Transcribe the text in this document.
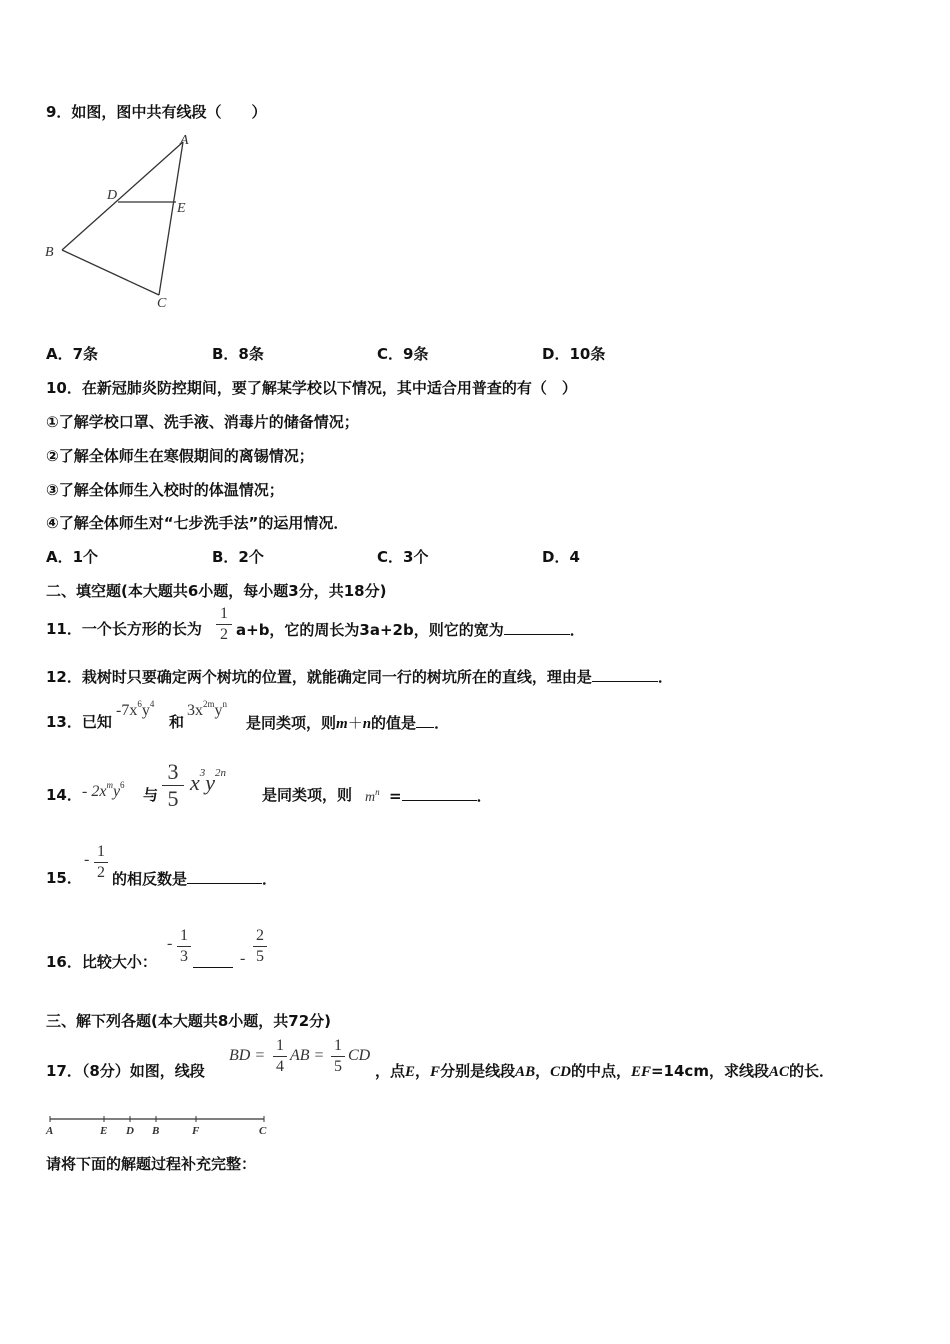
9．如图，图中共有线段（　　）
A
D
E
B
C
A．7条	B．8条	C．9条	D．10条
10．在新冠肺炎防控期间，要了解某学校以下情况，其中适合用普查的有（　）
①了解学校口罩、洗手液、消毒片的储备情况；
②了解全体师生在寒假期间的离锡情况；
③了解全体师生入校时的体温情况；
④了解全体师生对“七步洗手法”的运用情况．
A．1个	B．2个	C．3个	D．4
二、填空题(本大题共6小题，每小题3分，共18分)
11．一个长方形的长为
1
2 a+b，它的周长为3a+2b，则它的宽为	．
12．栽树时只要确定两个树坑的位置，就能确定同一行的树坑所在的直线，理由是	．
13．已知
$-7x^6y^4$
和
$3x^{2m}y^n$
是同类项，则m＋n的值是 ．
14． - $2x^my^6$
与
3
5
$x^3y^{2n}$
是同类项，则 $m^n$ =	．
15．
- 1
2 的相反数是	．
16．比较大小：
- 1
3	-
2
5
三、解下列各题(本大题共8小题，共72分)
17．（8分）如图，线段
BD =
1
4
AB =
1
5
CD
，点E，F分别是线段AB，CD的中点，EF=14cm，求线段AC的长．
A	E D B	F	C
请将下面的解题过程补充完整：
